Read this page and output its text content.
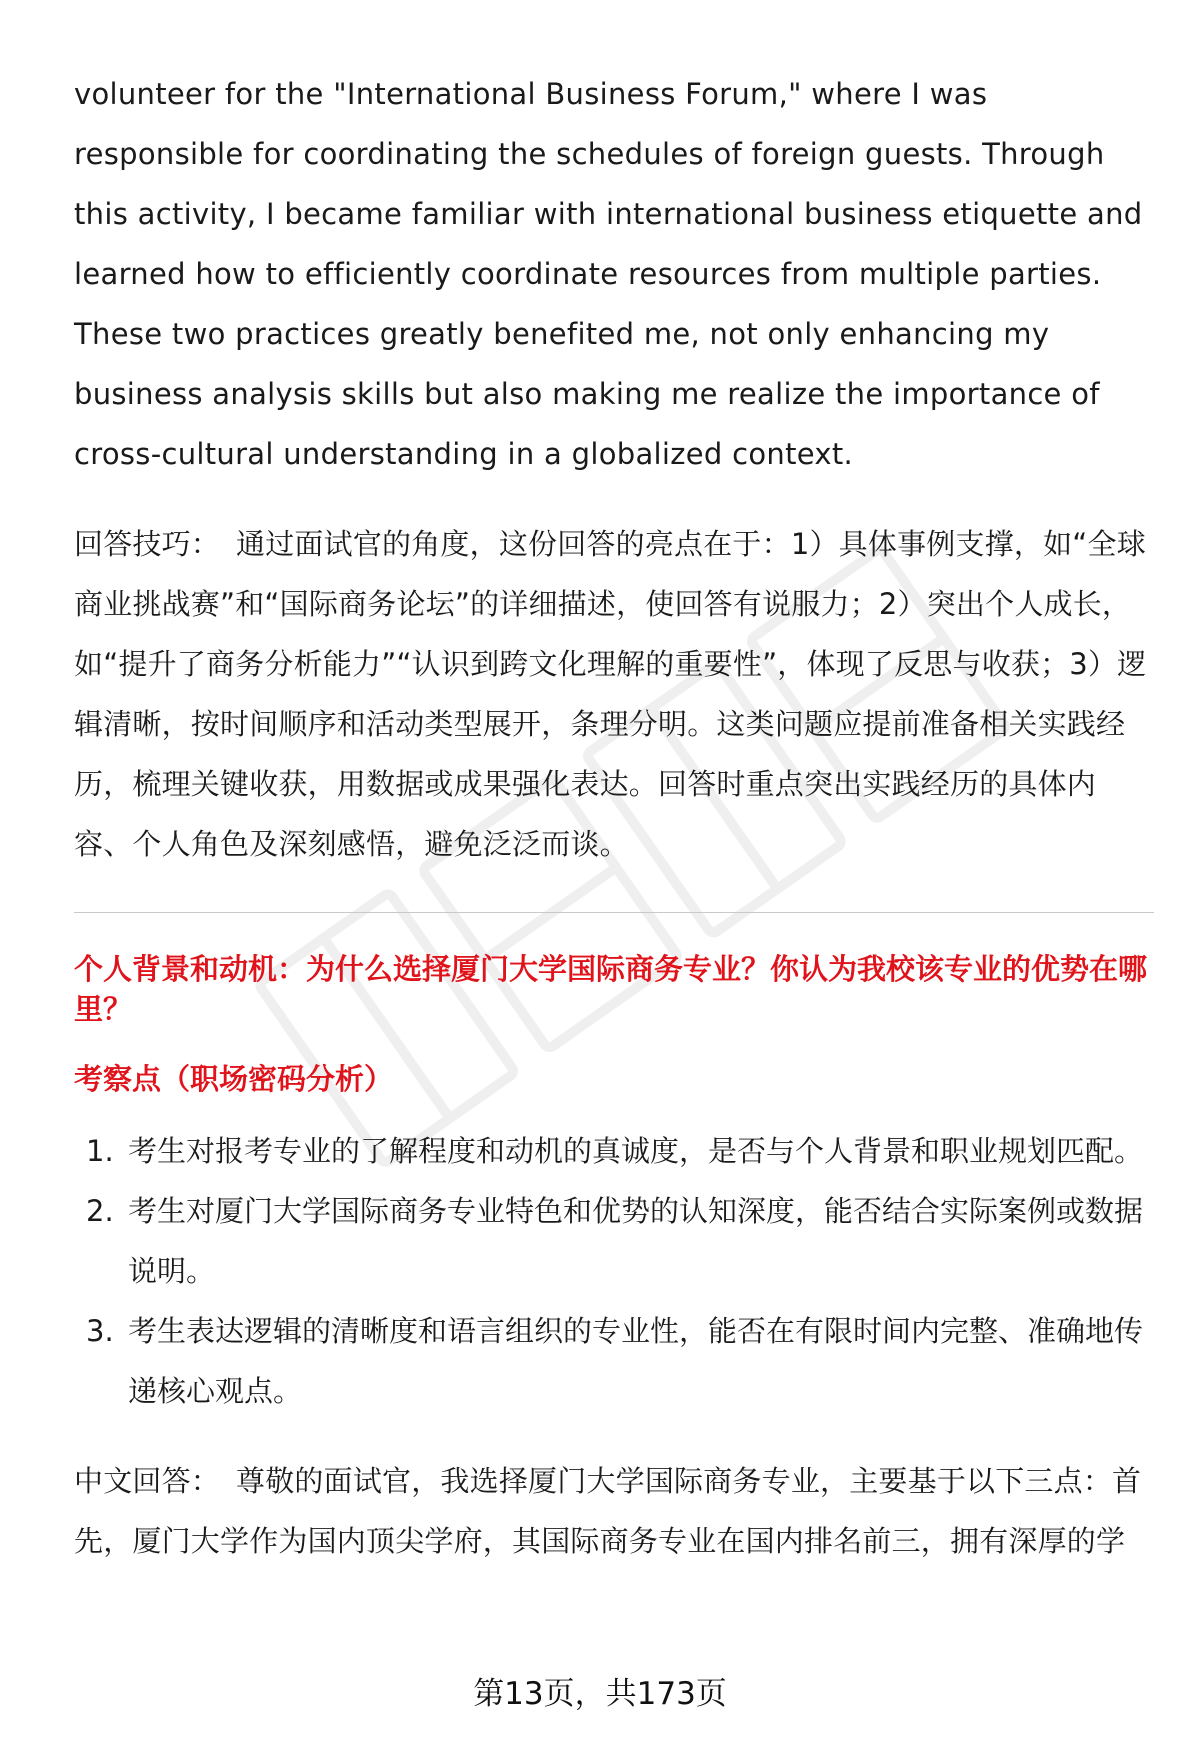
volunteer for the "International Business Forum," where I was responsible for coordinating the schedules of foreign guests. Through this activity, I became familiar with international business etiquette and learned how to efficiently coordinate resources from multiple parties. These two practices greatly benefited me, not only enhancing my business analysis skills but also making me realize the importance of cross-cultural understanding in a globalized context.

回答技巧： 通过面试官的角度，这份回答的亮点在于：1）具体事例支撑，如“全球商业挑战赛”和“国际商务论坛”的详细描述，使回答有说服力；2）突出个人成长，如“提升了商务分析能力”“认识到跨文化理解的重要性”，体现了反思与收获；3）逻辑清晰，按时间顺序和活动类型展开，条理分明。这类问题应提前准备相关实践经历，梳理关键收获，用数据或成果强化表达。回答时重点突出实践经历的具体内容、个人角色及深刻感悟，避免泛泛而谈。

个人背景和动机：为什么选择厦门大学国际商务专业？你认为我校该专业的优势在哪里？
考察点（职场密码分析）
1. 考生对报考专业的了解程度和动机的真诚度，是否与个人背景和职业规划匹配。
2. 考生对厦门大学国际商务专业特色和优势的认知深度，能否结合实际案例或数据说明。
3. 考生表达逻辑的清晰度和语言组织的专业性，能否在有限时间内完整、准确地传递核心观点。

中文回答： 尊敬的面试官，我选择厦门大学国际商务专业，主要基于以下三点：首先，厦门大学作为国内顶尖学府，其国际商务专业在国内排名前三，拥有深厚的学

第13页，共173页
